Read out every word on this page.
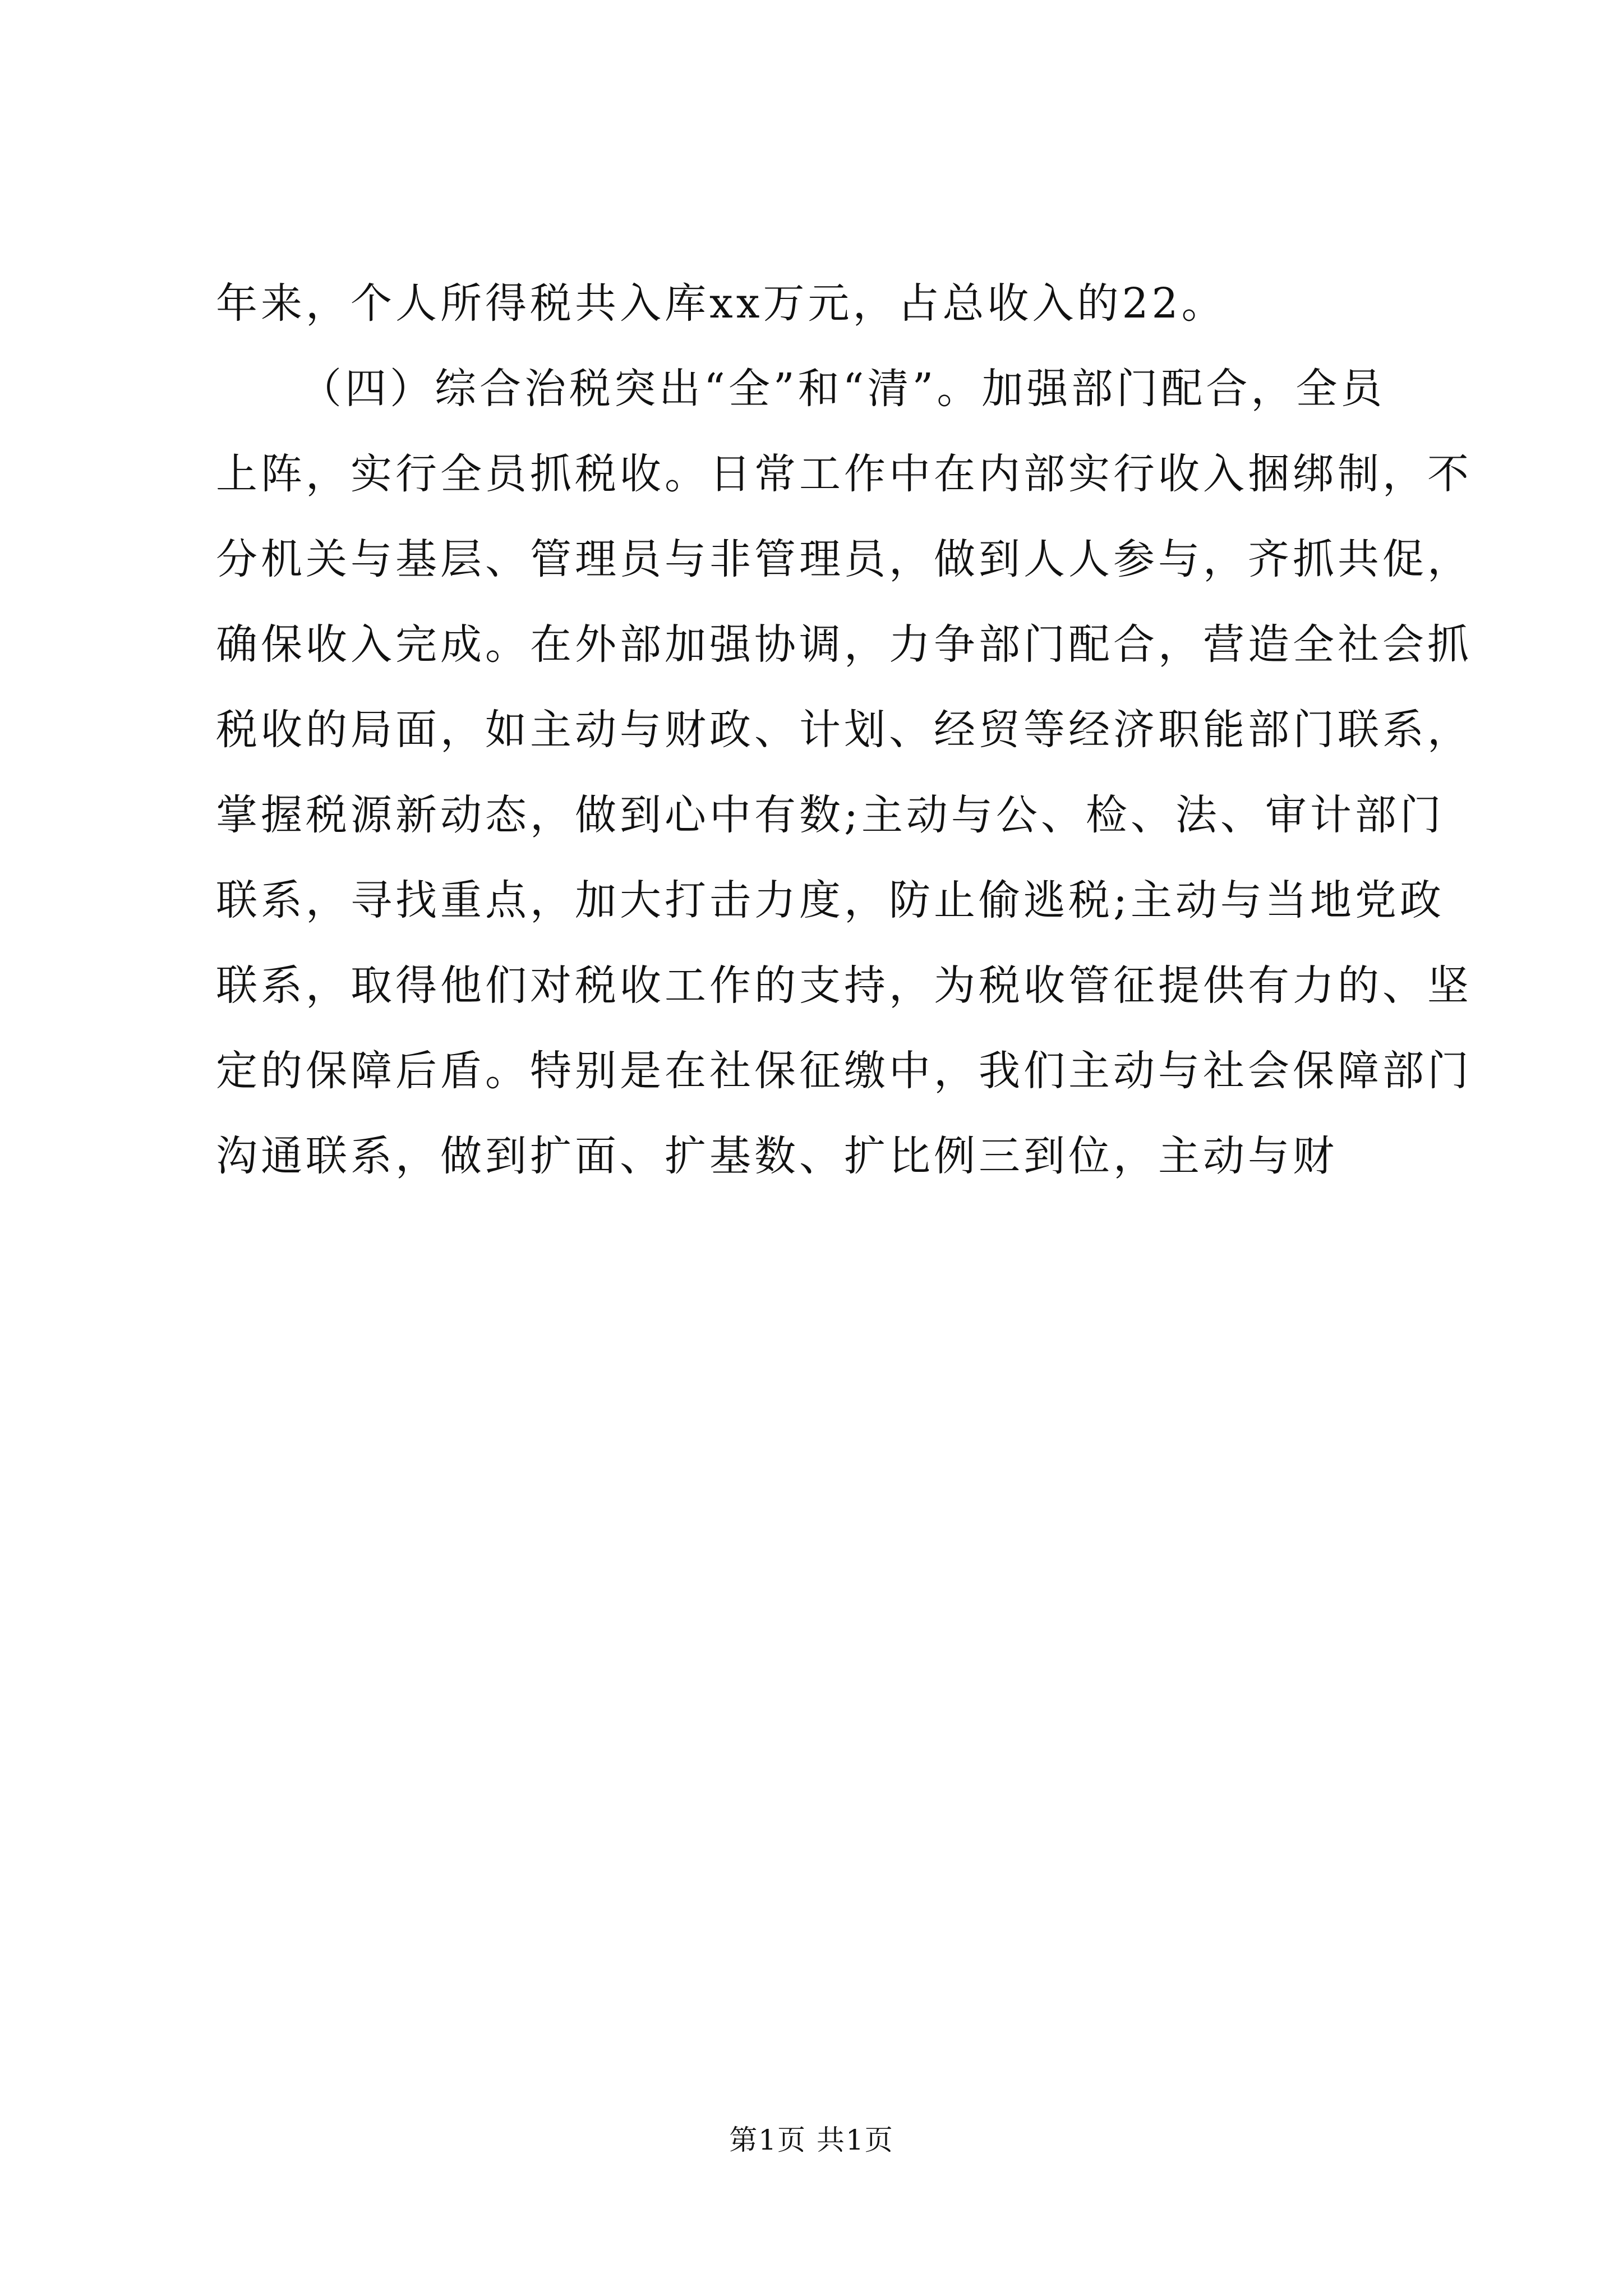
年来，个人所得税共入库xx万元，占总收入的22。
（四）综合治税突出“全”和“清”。加强部门配合，全员
上阵，实行全员抓税收。日常工作中在内部实行收入捆绑制，不
分机关与基层、管理员与非管理员，做到人人参与，齐抓共促，
确保收入完成。在外部加强协调，力争部门配合，营造全社会抓
税收的局面，如主动与财政、计划、经贸等经济职能部门联系，
掌握税源新动态，做到心中有数;主动与公、检、法、审计部门
联系，寻找重点，加大打击力度，防止偷逃税;主动与当地党政
联系，取得他们对税收工作的支持，为税收管征提供有力的、坚
定的保障后盾。特别是在社保征缴中，我们主动与社会保障部门
沟通联系，做到扩面、扩基数、扩比例三到位，主动与财
第1页 共1页
